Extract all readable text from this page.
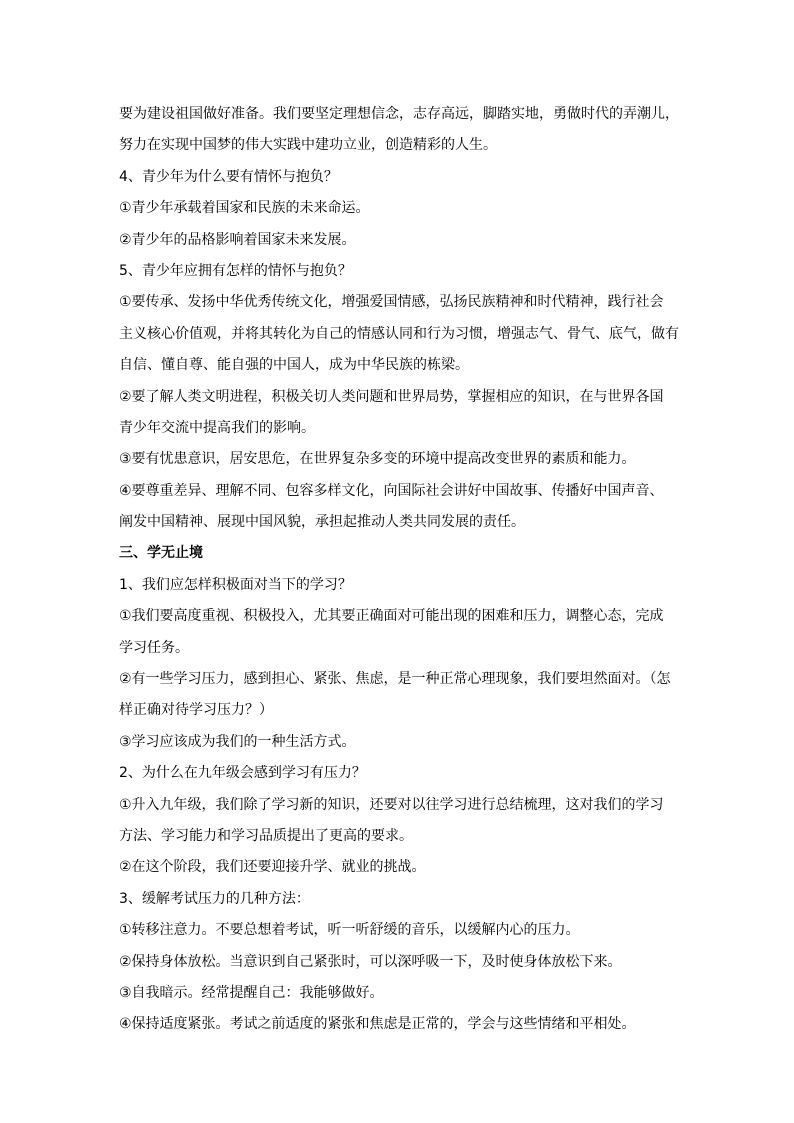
要为建设祖国做好准备。我们要坚定理想信念，志存高远，脚踏实地，勇做时代的弄潮儿，
努力在实现中国梦的伟大实践中建功立业，创造精彩的人生。
4、青少年为什么要有情怀与抱负？
①青少年承载着国家和民族的未来命运。
②青少年的品格影响着国家未来发展。
5、青少年应拥有怎样的情怀与抱负？
①要传承、发扬中华优秀传统文化，增强爱国情感，弘扬民族精神和时代精神，践行社会
主义核心价值观，并将其转化为自己的情感认同和行为习惯，增强志气、骨气、底气，做有
自信、懂自尊、能自强的中国人，成为中华民族的栋梁。
②要了解人类文明进程，积极关切人类问题和世界局势，掌握相应的知识，在与世界各国
青少年交流中提高我们的影响。
③要有忧患意识，居安思危，在世界复杂多变的环境中提高改变世界的素质和能力。
④要尊重差异、理解不同、包容多样文化，向国际社会讲好中国故事、传播好中国声音、
阐发中国精神、展现中国风貌，承担起推动人类共同发展的责任。
三、学无止境
1、我们应怎样积极面对当下的学习？
①我们要高度重视、积极投入，尤其要正确面对可能出现的困难和压力，调整心态，完成
学习任务。
②有一些学习压力，感到担心、紧张、焦虑，是一种正常心理现象，我们要坦然面对。（怎
样正确对待学习压力？）
③学习应该成为我们的一种生活方式。
2、为什么在九年级会感到学习有压力？
①升入九年级，我们除了学习新的知识，还要对以往学习进行总结梳理，这对我们的学习
方法、学习能力和学习品质提出了更高的要求。
②在这个阶段，我们还要迎接升学、就业的挑战。
3、缓解考试压力的几种方法：
①转移注意力。不要总想着考试，听一听舒缓的音乐，以缓解内心的压力。
②保持身体放松。当意识到自己紧张时，可以深呼吸一下，及时使身体放松下来。
③自我暗示。经常提醒自己：我能够做好。
④保持适度紧张。考试之前适度的紧张和焦虑是正常的，学会与这些情绪和平相处。
